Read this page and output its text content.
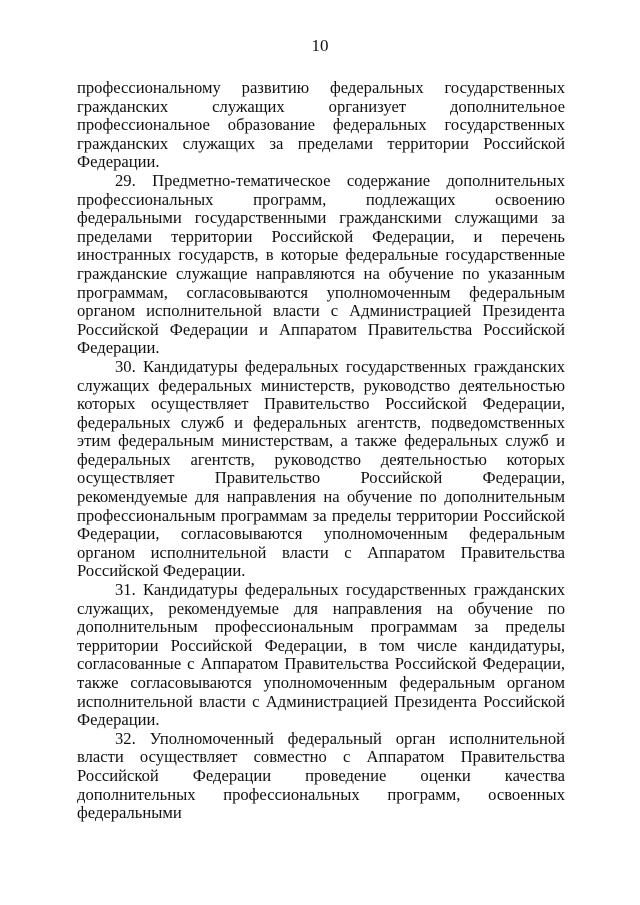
10

профессиональному развитию федеральных государственных гражданских служащих организует дополнительное профессиональное образование федеральных государственных гражданских служащих за пределами территории Российской Федерации.

29. Предметно-тематическое содержание дополнительных профессиональных программ, подлежащих освоению федеральными государственными гражданскими служащими за пределами территории Российской Федерации, и перечень иностранных государств, в которые федеральные государственные гражданские служащие направляются на обучение по указанным программам, согласовываются уполномоченным федеральным органом исполнительной власти с Администрацией Президента Российской Федерации и Аппаратом Правительства Российской Федерации.

30. Кандидатуры федеральных государственных гражданских служащих федеральных министерств, руководство деятельностью которых осуществляет Правительство Российской Федерации, федеральных служб и федеральных агентств, подведомственных этим федеральным министерствам, а также федеральных служб и федеральных агентств, руководство деятельностью которых осуществляет Правительство Российской Федерации, рекомендуемые для направления на обучение по дополнительным профессиональным программам за пределы территории Российской Федерации, согласовываются уполномоченным федеральным органом исполнительной власти с Аппаратом Правительства Российской Федерации.

31. Кандидатуры федеральных государственных гражданских служащих, рекомендуемые для направления на обучение по дополнительным профессиональным программам за пределы территории Российской Федерации, в том числе кандидатуры, согласованные с Аппаратом Правительства Российской Федерации, также согласовываются уполномоченным федеральным органом исполнительной власти с Администрацией Президента Российской Федерации.

32. Уполномоченный федеральный орган исполнительной власти осуществляет совместно с Аппаратом Правительства Российской Федерации проведение оценки качества дополнительных профессиональных программ, освоенных федеральными
